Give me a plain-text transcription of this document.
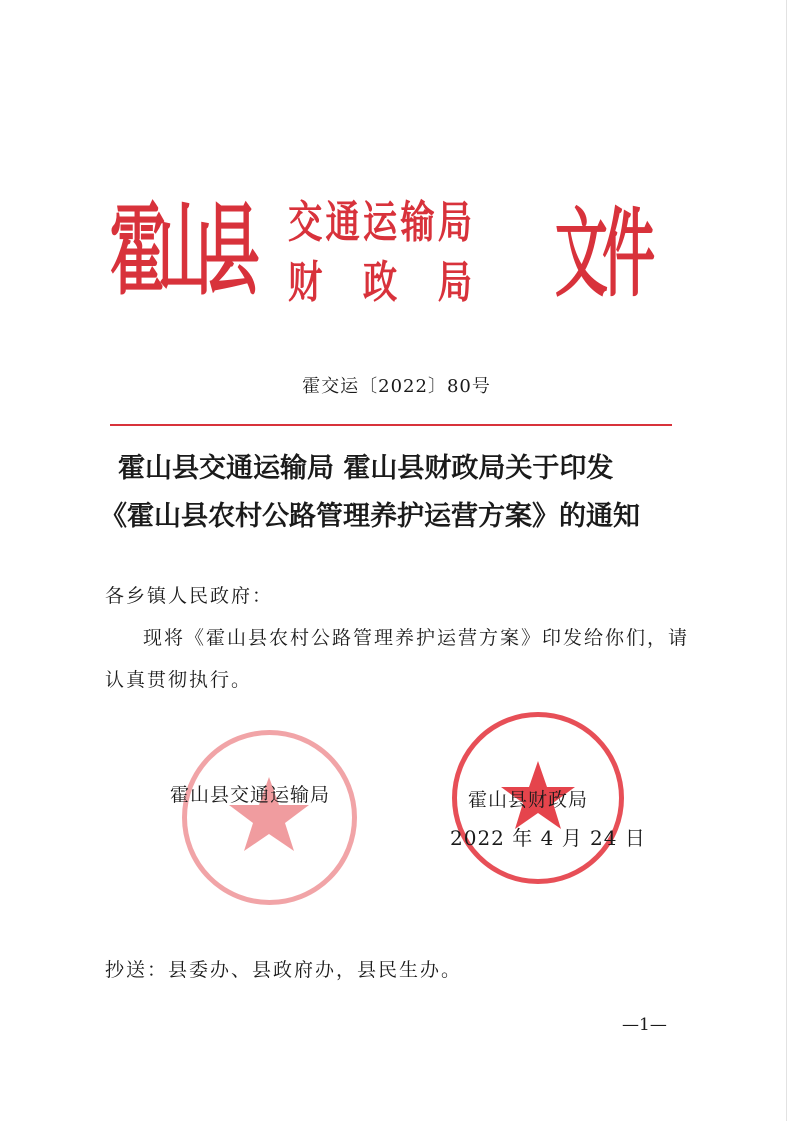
霍山县 交通运输局
财 政 局 文件
霍交运〔2022〕80号
霍山县交通运输局 霍山县财政局关于印发
《霍山县农村公路管理养护运营方案》的通知

各乡镇人民政府：

现将《霍山县农村公路管理养护运营方案》印发给你们，请认真贯彻执行。

霍山县交通运输局	霍山县财政局
2022 年 4 月 24 日
抄送：县委办、县政府办，县民生办。
—1—
